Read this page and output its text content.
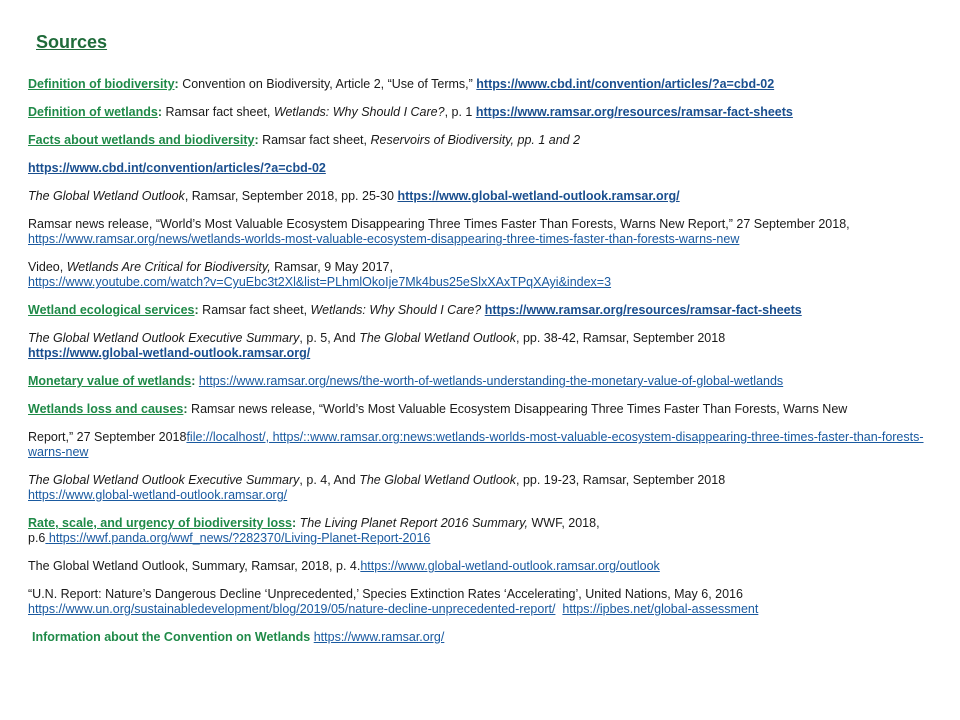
Sources
Definition of biodiversity: Convention on Biodiversity, Article 2, “Use of Terms,” https://www.cbd.int/convention/articles/?a=cbd-02
Definition of wetlands: Ramsar fact sheet, Wetlands: Why Should I Care?, p. 1 https://www.ramsar.org/resources/ramsar-fact-sheets
Facts about wetlands and biodiversity: Ramsar fact sheet, Reservoirs of Biodiversity, pp. 1 and 2
https://www.cbd.int/convention/articles/?a=cbd-02
The Global Wetland Outlook, Ramsar, September 2018, pp. 25-30 https://www.global-wetland-outlook.ramsar.org/
Ramsar news release, “World’s Most Valuable Ecosystem Disappearing Three Times Faster Than Forests, Warns New Report,” 27 September 2018, https://www.ramsar.org/news/wetlands-worlds-most-valuable-ecosystem-disappearing-three-times-faster-than-forests-warns-new
Video, Wetlands Are Critical for Biodiversity, Ramsar, 9 May 2017,
https://www.youtube.com/watch?v=CyuEbc3t2Xl&list=PLhmlOkoIje7Mk4bus25eSlxXAxTPqXAyi&index=3
Wetland ecological services: Ramsar fact sheet, Wetlands: Why Should I Care? https://www.ramsar.org/resources/ramsar-fact-sheets
The Global Wetland Outlook Executive Summary, p. 5, And The Global Wetland Outlook, pp. 38-42, Ramsar, September 2018
https://www.global-wetland-outlook.ramsar.org/
Monetary value of wetlands: https://www.ramsar.org/news/the-worth-of-wetlands-understanding-the-monetary-value-of-global-wetlands
Wetlands loss and causes: Ramsar news release, “World’s Most Valuable Ecosystem Disappearing Three Times Faster Than Forests, Warns New
Report,” 27 September 2018file://localhost/, https/::www.ramsar.org:news:wetlands-worlds-most-valuable-ecosystem-disappearing-three-times-faster-than-forests-warns-new
The Global Wetland Outlook Executive Summary, p. 4, And The Global Wetland Outlook, pp. 19-23, Ramsar, September 2018
https://www.global-wetland-outlook.ramsar.org/
Rate, scale, and urgency of biodiversity loss: The Living Planet Report 2016 Summary, WWF, 2018,
p.6 https://wwf.panda.org/wwf_news/?282370/Living-Planet-Report-2016
The Global Wetland Outlook, Summary, Ramsar, 2018, p. 4.https://www.global-wetland-outlook.ramsar.org/outlook
“U.N. Report: Nature’s Dangerous Decline ‘Unprecedented,’ Species Extinction Rates ‘Accelerating’, United Nations, May 6, 2016
https://www.un.org/sustainabledevelopment/blog/2019/05/nature-decline-unprecedented-report/ https://ipbes.net/global-assessment
Information about the Convention on Wetlands https://www.ramsar.org/
